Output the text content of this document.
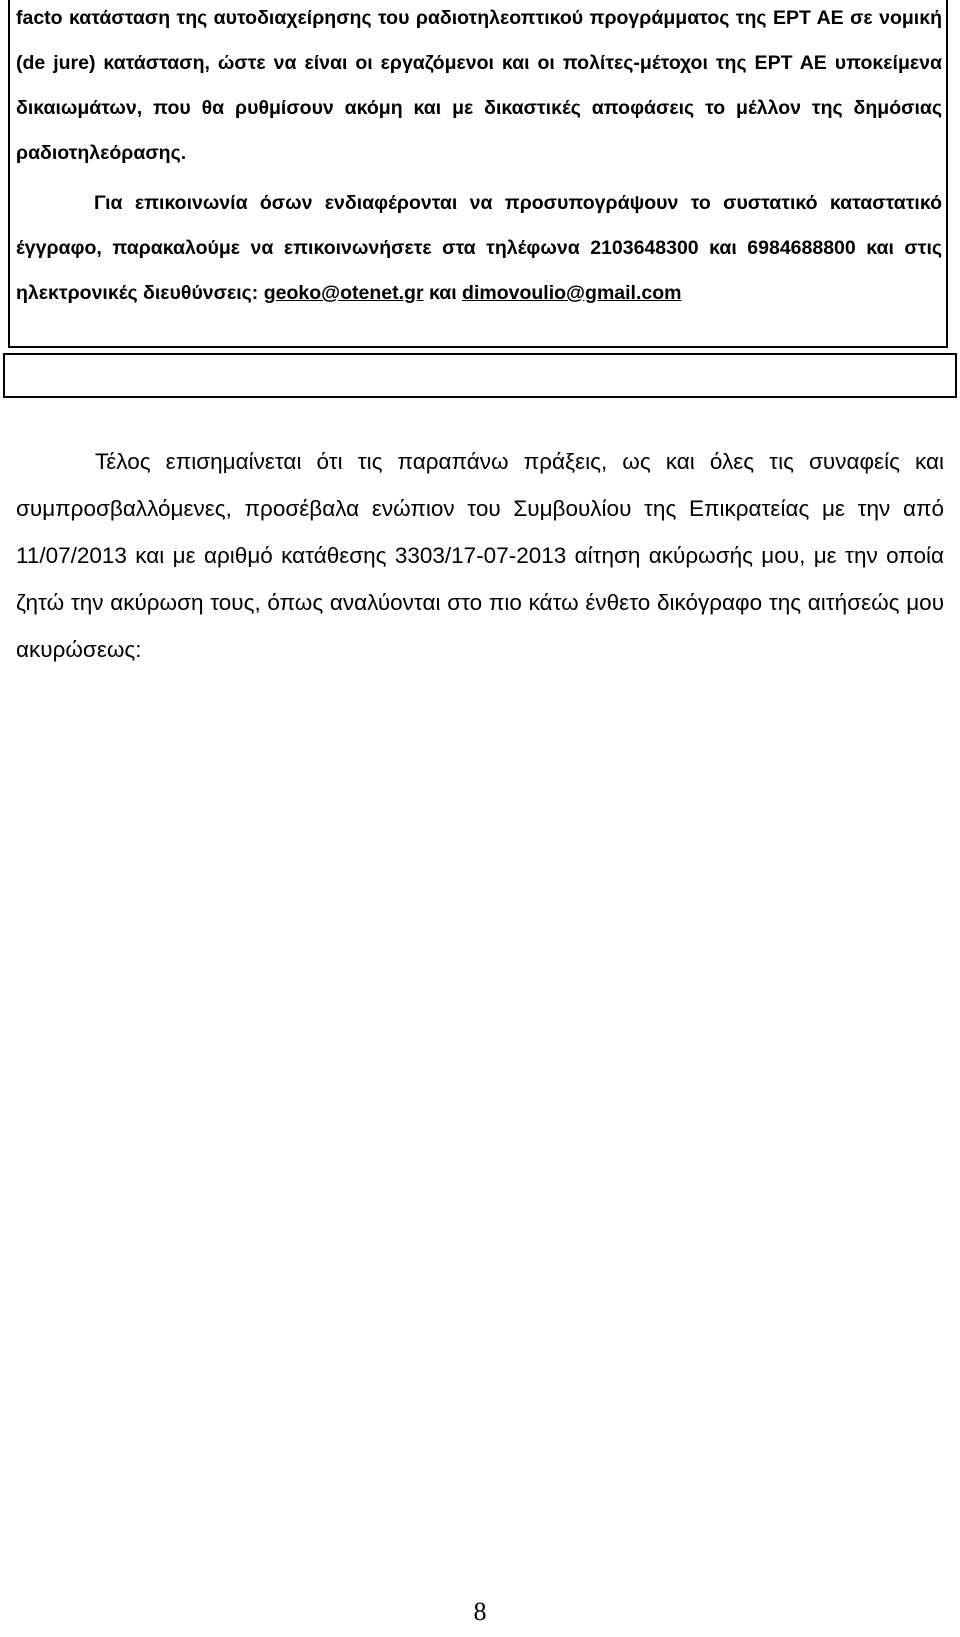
facto κατάσταση της αυτοδιαχείρησης του ραδιοτηλεοπτικού προγράμματος της ΕΡΤ ΑΕ σε νομική (de jure) κατάσταση, ώστε να είναι οι εργαζόμενοι και οι πολίτες-μέτοχοι της ΕΡΤ ΑΕ υποκείμενα δικαιωμάτων, που θα ρυθμίσουν ακόμη και με δικαστικές αποφάσεις το μέλλον της δημόσιας ραδιοτηλεόρασης.

Για επικοινωνία όσων ενδιαφέρονται να προσυπογράψουν το συστατικό καταστατικό έγγραφο, παρακαλούμε να επικοινωνήσετε στα τηλέφωνα 2103648300 και 6984688800 και στις ηλεκτρονικές διευθύνσεις: geoko@otenet.gr και dimovoulio@gmail.com

Τέλος επισημαίνεται ότι τις παραπάνω πράξεις, ως και όλες τις συναφείς και συμπροσβαλλόμενες, προσέβαλα ενώπιον του Συμβουλίου της Επικρατείας με την από 11/07/2013 και με αριθμό κατάθεσης 3303/17-07-2013 αίτηση ακύρωσής μου, με την οποία ζητώ την ακύρωση τους, όπως αναλύονται στο πιο κάτω ένθετο δικόγραφο της αιτήσεώς μου ακυρώσεως:

8
